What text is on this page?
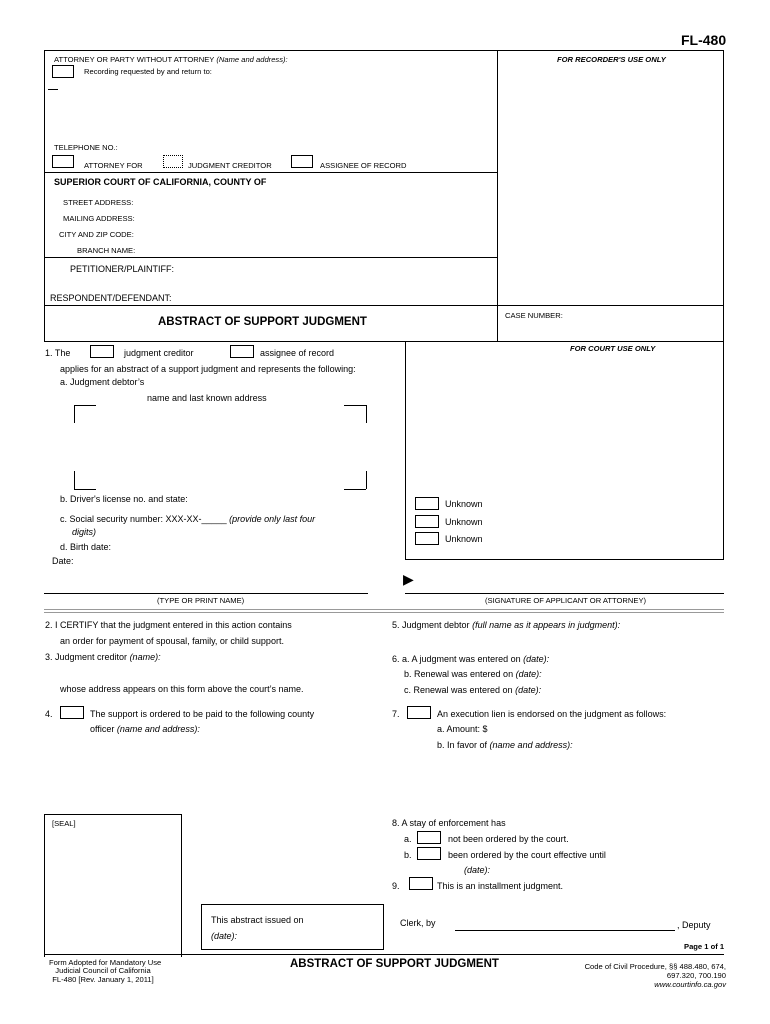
FL-480
FOR RECORDER'S USE ONLY
ATTORNEY OR PARTY WITHOUT ATTORNEY (Name and address):
Recording requested by and return to:
TELEPHONE NO.:
ATTORNEY FOR	JUDGMENT CREDITOR	ASSIGNEE OF RECORD
SUPERIOR COURT OF CALIFORNIA, COUNTY OF
STREET ADDRESS:
MAILING ADDRESS:
CITY AND ZIP CODE:
BRANCH NAME:
PETITIONER/PLAINTIFF:
RESPONDENT/DEFENDANT:
ABSTRACT OF SUPPORT JUDGMENT
CASE NUMBER:
FOR COURT USE ONLY
1. The	judgment creditor	assignee of record
applies for an abstract of a support judgment and represents the following:
a. Judgment debtor’s
name and last known address
b. Driver's license no. and state:
c. Social security number: XXX-XX-_____ (provide only last four
digits)
d. Birth date:
Unknown
Unknown
Unknown
Date:
(TYPE OR PRINT NAME)
▶
(SIGNATURE OF APPLICANT OR ATTORNEY)
2. I CERTIFY that the judgment entered in this action contains
an order for payment of spousal, family, or child support.
3. Judgment creditor (name):
whose address appears on this form above the court’s name.
4.	The support is ordered to be paid to the following county
officer (name and address):
[SEAL]
5. Judgment debtor (full name as it appears in judgment):
6. a. A judgment was entered on (date):
b. Renewal was entered on (date):
c. Renewal was entered on (date):
7.	An execution lien is endorsed on the judgment as follows:
a. Amount: $
b. In favor of (name and address):
8. A stay of enforcement has
a.	not been ordered by the court.
b.	been ordered by the court effective until
(date):
9.	This is an installment judgment.
This abstract issued on
(date):
Clerk, by	, Deputy
Page 1 of 1
Form Adopted for Mandatory Use
Judicial Council of California
FL-480 [Rev. January 1, 2011]
ABSTRACT OF SUPPORT JUDGMENT	Code of Civil Procedure, §§ 488.480, 674,
697.320, 700.190
www.courtinfo.ca.gov
